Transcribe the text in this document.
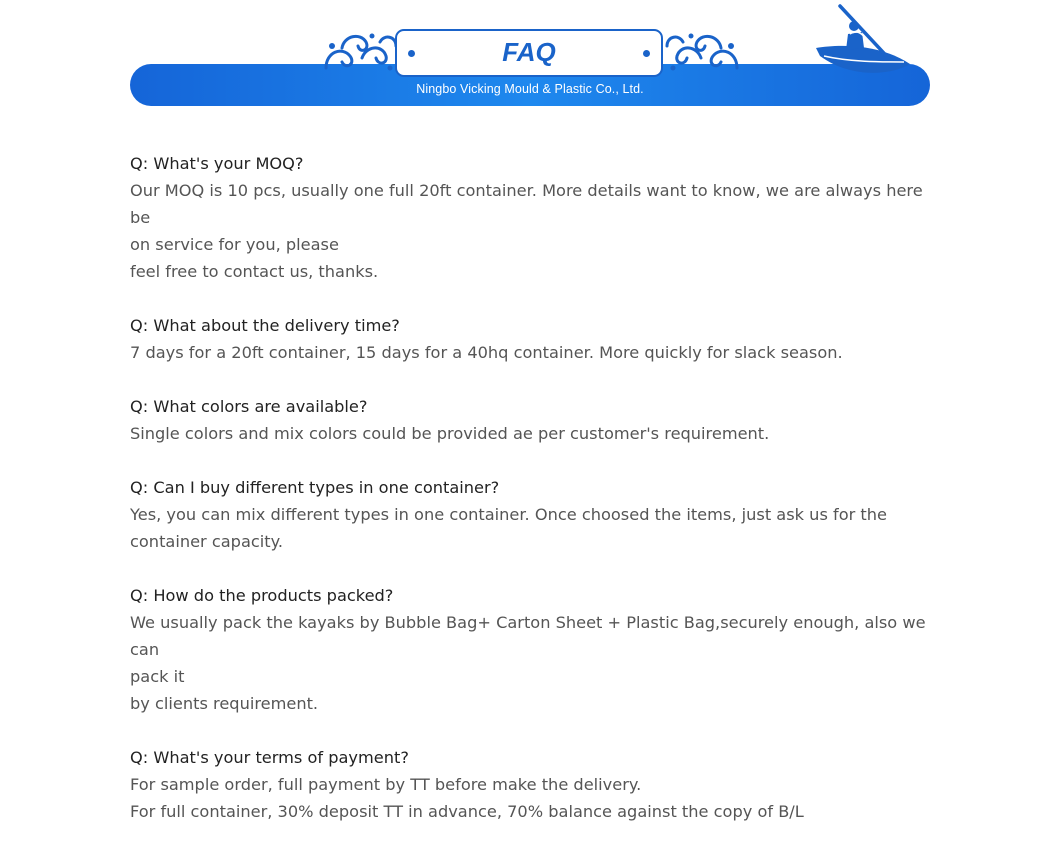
FAQ
Ningbo Vicking Mould & Plastic Co., Ltd.
Q: What's your MOQ?
Our MOQ is 10 pcs, usually one full 20ft container. More details want to know, we are always here be
on service for you, please
feel free to contact us, thanks.
Q: What about the delivery time?
7 days for a 20ft container, 15 days for a 40hq container. More quickly for slack season.
Q: What colors are available?
Single colors and mix colors could be provided ae per customer's requirement.
Q: Can I buy different types in one container?
Yes, you can mix different types in one container. Once choosed the items, just ask us for the
container capacity.
Q: How do the products packed?
We usually pack the kayaks by Bubble Bag+ Carton Sheet + Plastic Bag,securely enough, also we can
pack it
by clients requirement.
Q: What's your terms of payment?
For sample order, full payment by TT before make the delivery.
For full container, 30% deposit TT in advance, 70% balance against the copy of B/L
